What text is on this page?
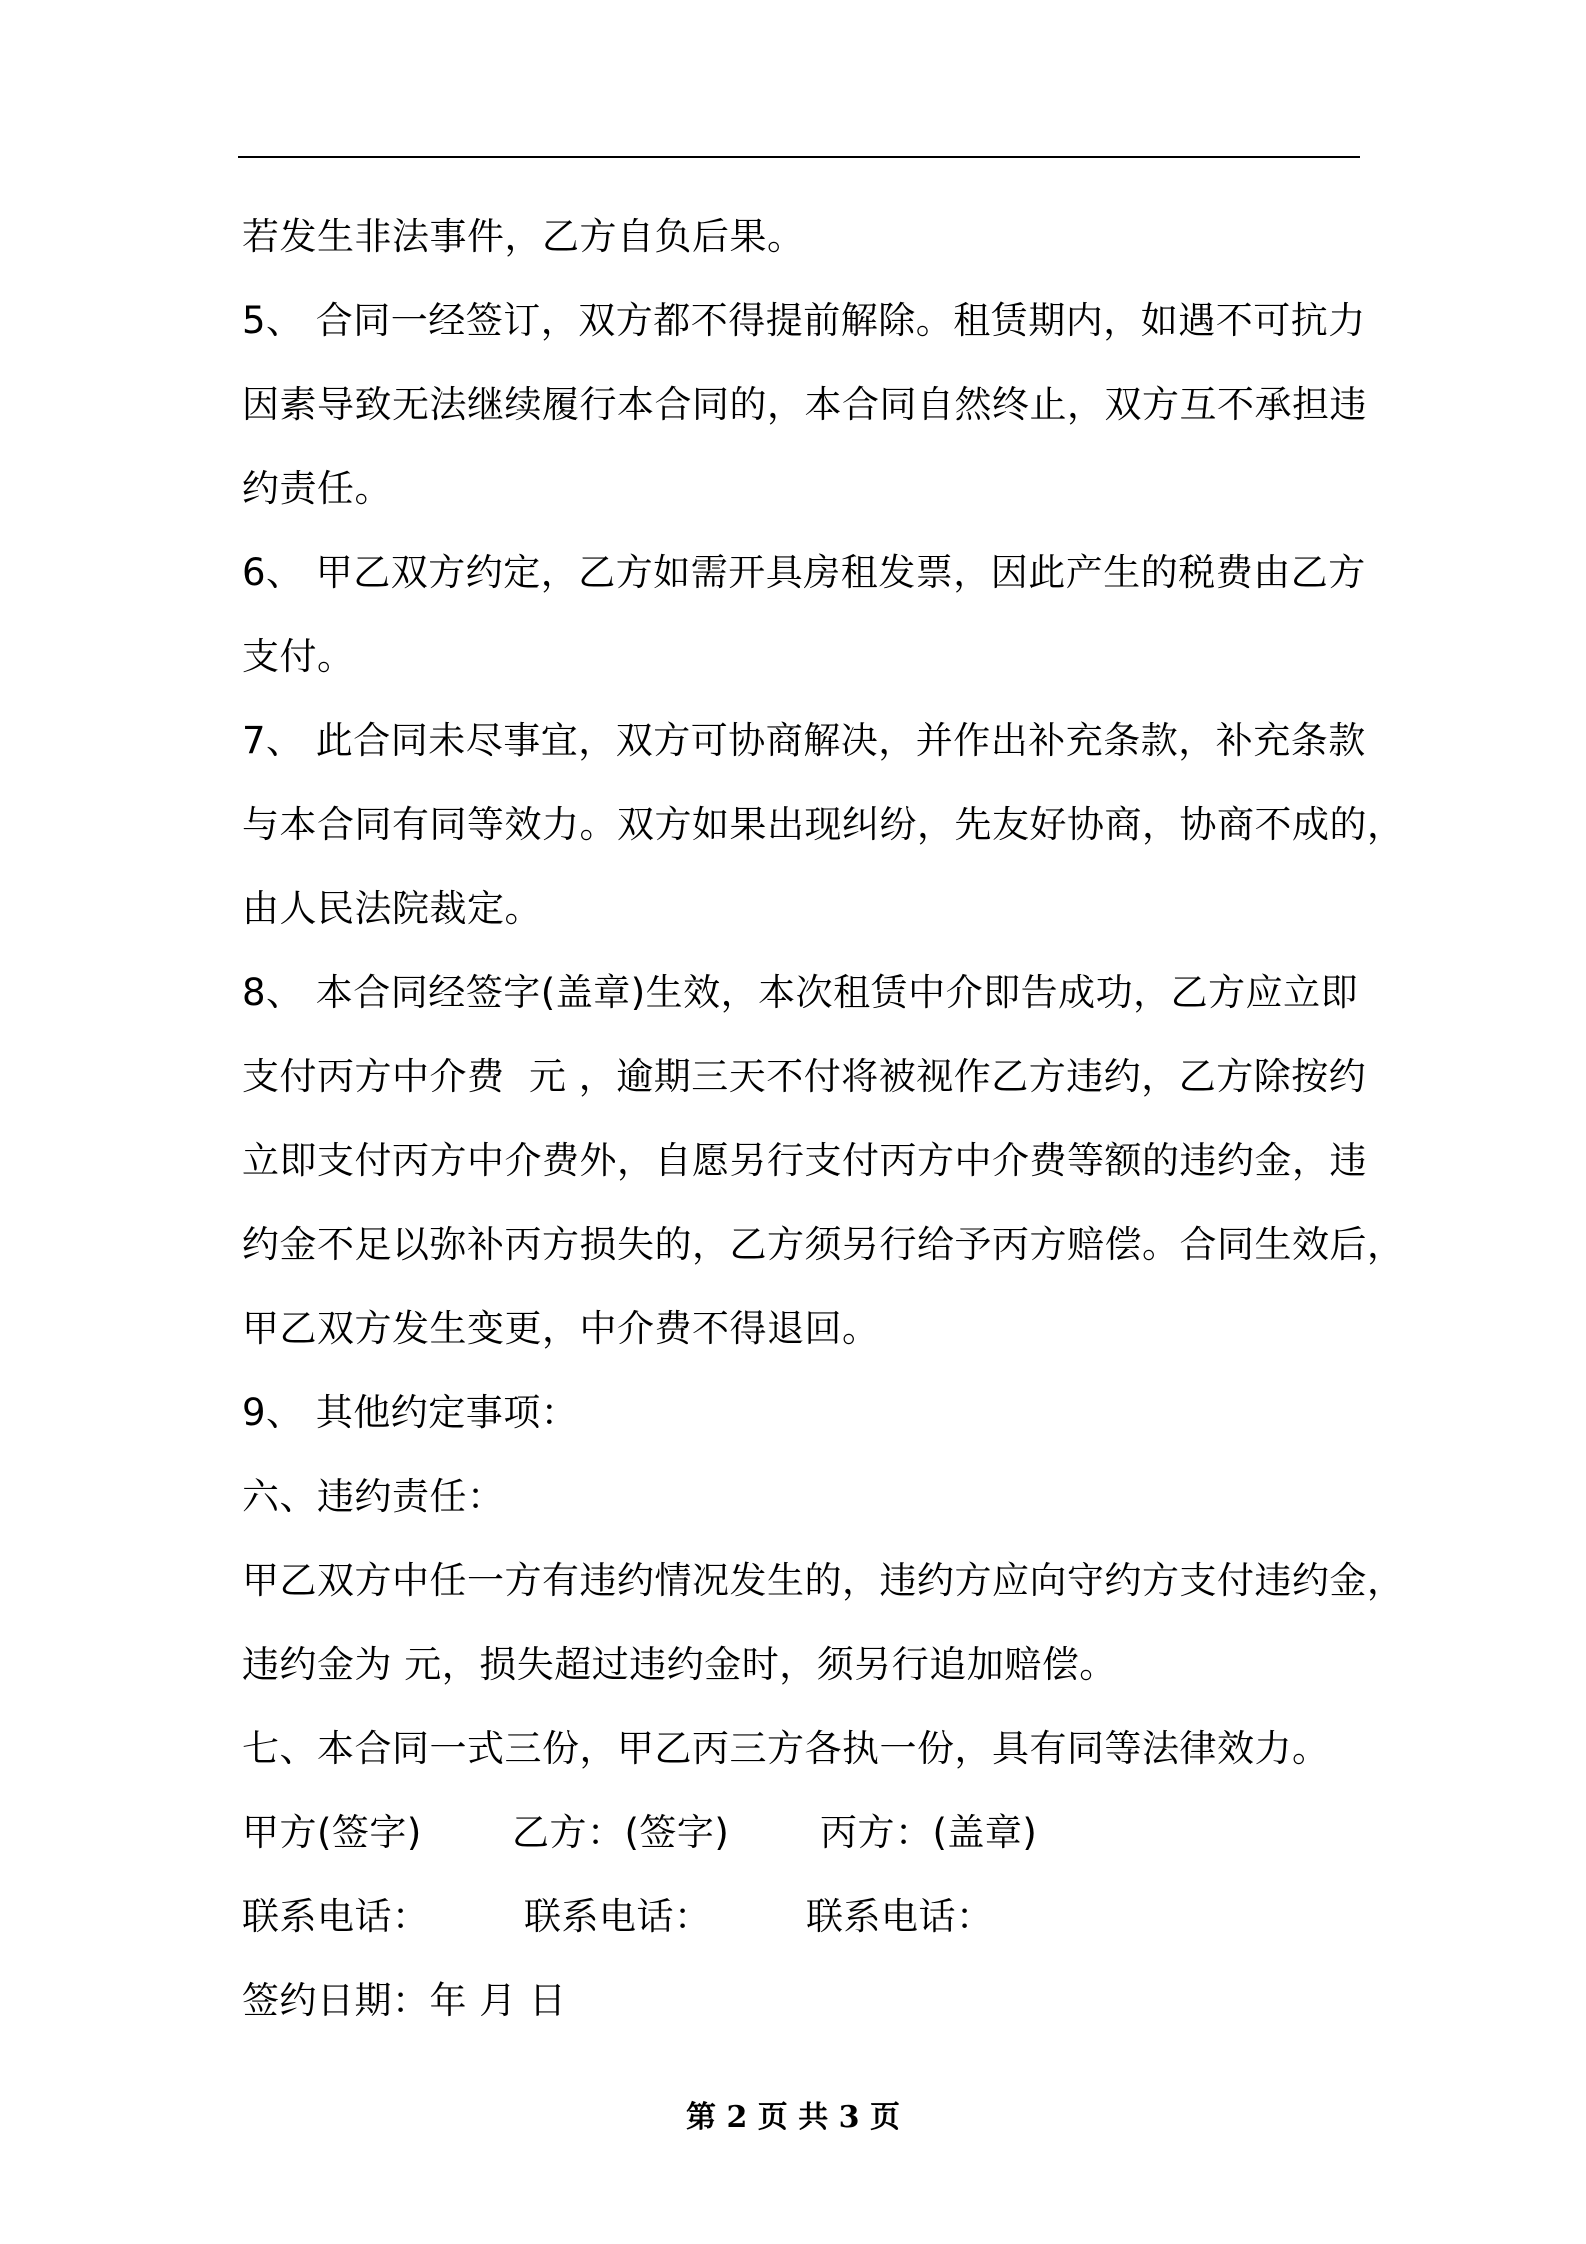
若发生非法事件，乙方自负后果。
5、 合同一经签订，双方都不得提前解除。租赁期内，如遇不可抗力
因素导致无法继续履行本合同的，本合同自然终止，双方互不承担违
约责任。
6、 甲乙双方约定，乙方如需开具房租发票，因此产生的税费由乙方
支付。
7、 此合同未尽事宜，双方可协商解决，并作出补充条款，补充条款
与本合同有同等效力。双方如果出现纠纷，先友好协商，协商不成的，
由人民法院裁定。
8、 本合同经签字(盖章)生效，本次租赁中介即告成功，乙方应立即
支付丙方中介费  元 ，逾期三天不付将被视作乙方违约，乙方除按约
立即支付丙方中介费外，自愿另行支付丙方中介费等额的违约金，违
约金不足以弥补丙方损失的，乙方须另行给予丙方赔偿。合同生效后，
甲乙双方发生变更，中介费不得退回。
9、 其他约定事项：
六、违约责任：
甲乙双方中任一方有违约情况发生的，违约方应向守约方支付违约金，
违约金为 元，损失超过违约金时，须另行追加赔偿。
七、本合同一式三份，甲乙丙三方各执一份，具有同等法律效力。
甲方(签字)	乙方：(签字)	丙方：(盖章)
联系电话：	联系电话：	联系电话：
签约日期：年 月 日
第 2 页 共 3 页
